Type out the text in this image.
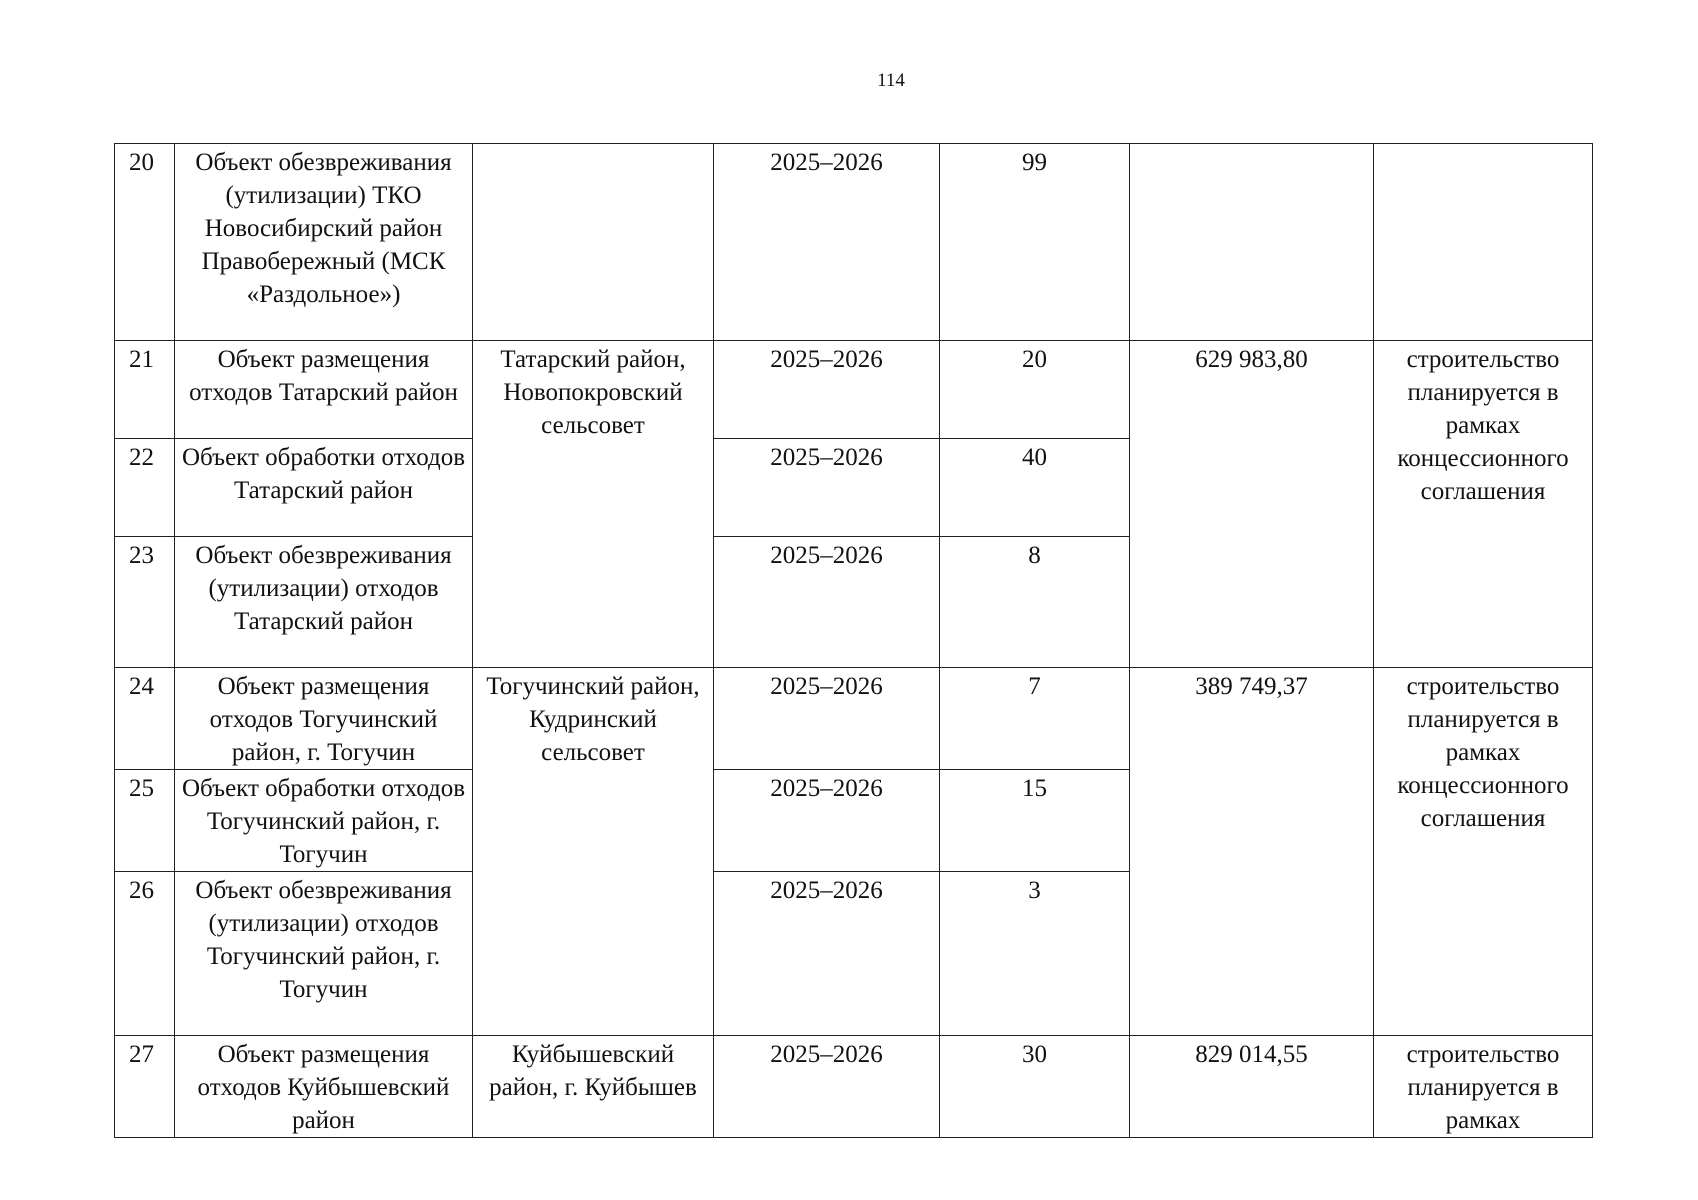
114
20	Объект обезвреживания (утилизации) ТКО Новосибирский район Правобережный (МСК «Раздольное»)		2025–2026	99		
21	Объект размещения отходов Татарский район	Татарский район, Новопокровский сельсовет	2025–2026	20	629 983,80	строительство планируется в рамках концессионного соглашения
22	Объект обработки отходов Татарский район		2025–2026	40		
23	Объект обезвреживания (утилизации) отходов Татарский район		2025–2026	8		
24	Объект размещения отходов Тогучинский район, г. Тогучин	Тогучинский район, Кудринский сельсовет	2025–2026	7	389 749,37	строительство планируется в рамках концессионного соглашения
25	Объект обработки отходов Тогучинский район, г. Тогучин		2025–2026	15		
26	Объект обезвреживания (утилизации) отходов Тогучинский район, г. Тогучин		2025–2026	3		
27	Объект размещения отходов Куйбышевский район	Куйбышевский район, г. Куйбышев	2025–2026	30	829 014,55	строительство планируется в рамках
